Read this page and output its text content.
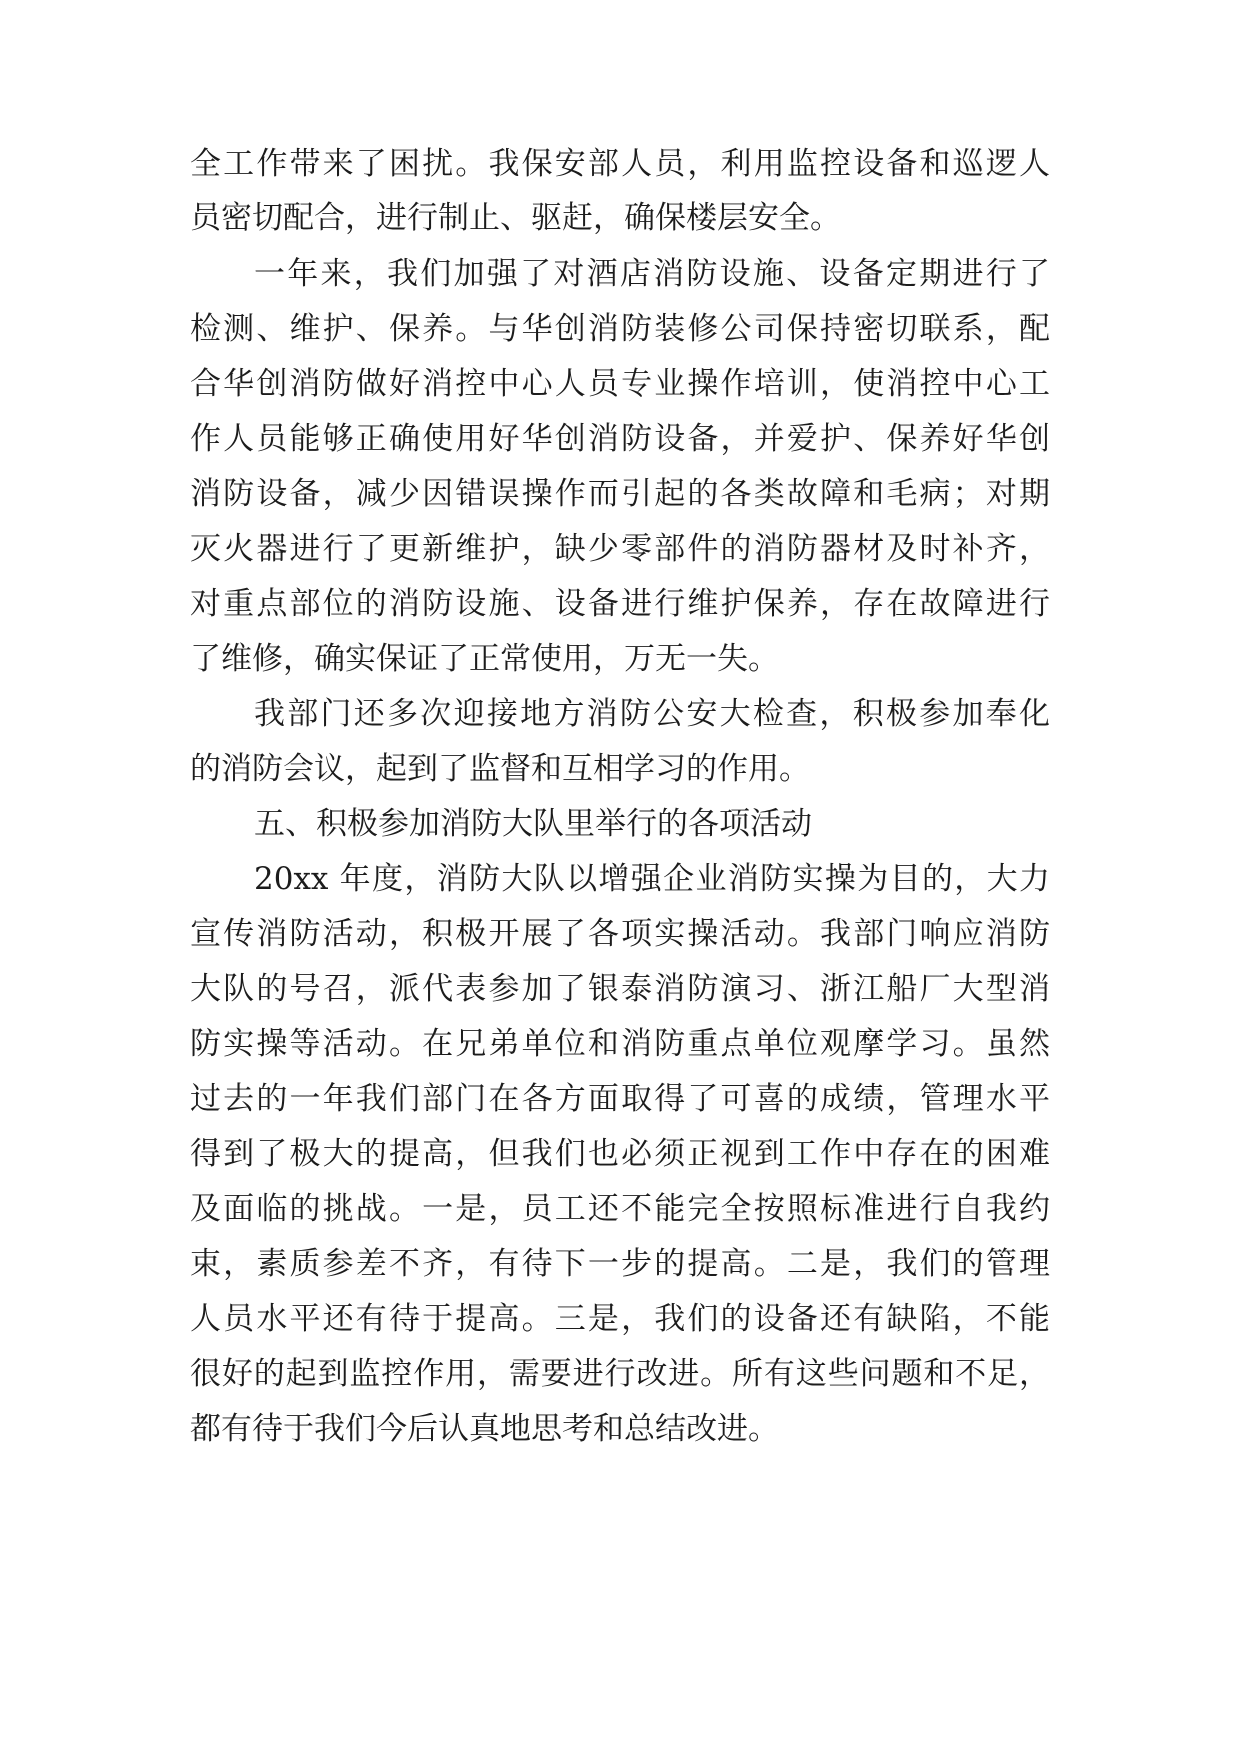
全工作带来了困扰。我保安部人员，利用监控设备和巡逻人
员密切配合，进行制止、驱赶，确保楼层安全。
一年来，我们加强了对酒店消防设施、设备定期进行了
检测、维护、保养。与华创消防装修公司保持密切联系，配
合华创消防做好消控中心人员专业操作培训，使消控中心工
作人员能够正确使用好华创消防设备，并爱护、保养好华创
消防设备，减少因错误操作而引起的各类故障和毛病；对期
灭火器进行了更新维护，缺少零部件的消防器材及时补齐，
对重点部位的消防设施、设备进行维护保养，存在故障进行
了维修，确实保证了正常使用，万无一失。
我部门还多次迎接地方消防公安大检查，积极参加奉化
的消防会议，起到了监督和互相学习的作用。
五、积极参加消防大队里举行的各项活动
20xx 年度，消防大队以增强企业消防实操为目的，大力
宣传消防活动，积极开展了各项实操活动。我部门响应消防
大队的号召，派代表参加了银泰消防演习、浙江船厂大型消
防实操等活动。在兄弟单位和消防重点单位观摩学习。虽然
过去的一年我们部门在各方面取得了可喜的成绩，管理水平
得到了极大的提高，但我们也必须正视到工作中存在的困难
及面临的挑战。一是，员工还不能完全按照标准进行自我约
束，素质参差不齐，有待下一步的提高。二是，我们的管理
人员水平还有待于提高。三是，我们的设备还有缺陷，不能
很好的起到监控作用，需要进行改进。所有这些问题和不足，
都有待于我们今后认真地思考和总结改进。
